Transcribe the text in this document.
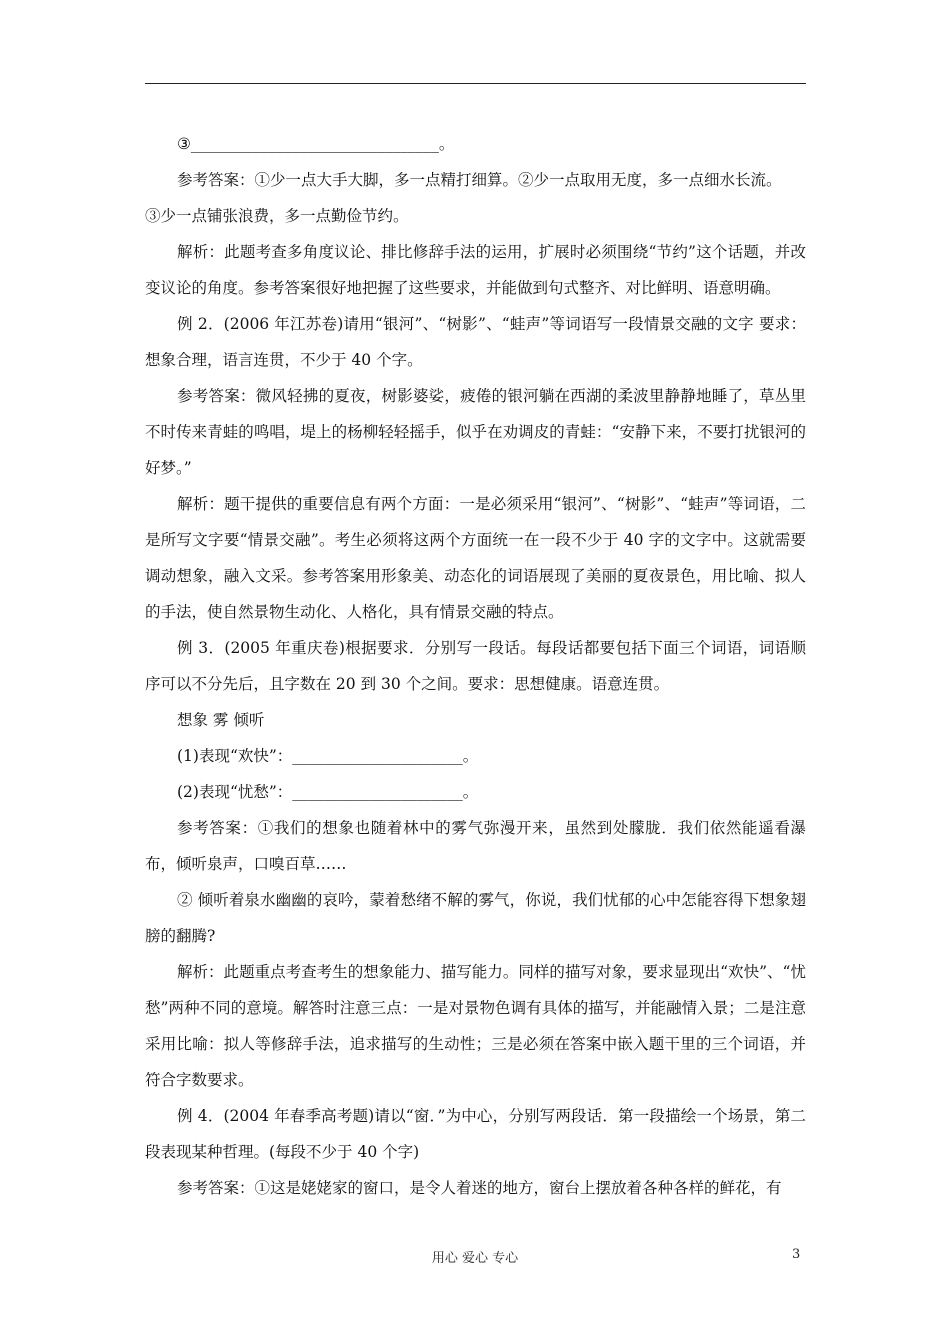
③________________________________。

参考答案：①少一点大手大脚，多一点精打细算。②少一点取用无度，多一点细水长流。

③少一点铺张浪费，多一点勤俭节约。

解析：此题考查多角度议论、排比修辞手法的运用，扩展时必须围绕“节约”这个话题，并改变议论的角度。参考答案很好地把握了这些要求，并能做到句式整齐、对比鲜明、语意明确。

例 2．(2006 年江苏卷)请用“银河”、“树影”、“蛙声”等词语写一段情景交融的文字 要求：想象合理，语言连贯，不少于 40 个字。

参考答案：微风轻拂的夏夜，树影婆娑，疲倦的银河躺在西湖的柔波里静静地睡了，草丛里不时传来青蛙的鸣唱，堤上的杨柳轻轻摇手，似乎在劝调皮的青蛙：“安静下来，不要打扰银河的好梦。”

解析：题干提供的重要信息有两个方面：一是必须采用“银河”、“树影”、“蛙声”等词语，二是所写文字要“情景交融”。考生必须将这两个方面统一在一段不少于 40 字的文字中。这就需要调动想象，融入文采。参考答案用形象美、动态化的词语展现了美丽的夏夜景色，用比喻、拟人的手法，使自然景物生动化、人格化，具有情景交融的特点。

例 3．(2005 年重庆卷)根据要求．分别写一段话。每段话都要包括下面三个词语，词语顺序可以不分先后，且字数在 20 到 30 个之间。要求：思想健康。语意连贯。

想象 雾 倾听

(1)表现“欢快”：______________________。

(2)表现“忧愁”：______________________。

参考答案：①我们的想象也随着林中的雾气弥漫开来，虽然到处朦胧．我们依然能遥看瀑布，倾听泉声，口嗅百草……

② 倾听着泉水幽幽的哀吟，蒙着愁绪不解的雾气，你说，我们忧郁的心中怎能容得下想象翅膀的翻腾?

解析：此题重点考查考生的想象能力、描写能力。同样的描写对象，要求显现出“欢快”、“忧愁”两种不同的意境。解答时注意三点：一是对景物色调有具体的描写，并能融情入景；二是注意采用比喻：拟人等修辞手法，追求描写的生动性；三是必须在答案中嵌入题干里的三个词语，并符合字数要求。

例 4．(2004 年春季高考题)请以“窗．”为中心，分别写两段话．第一段描绘一个场景，第二段表现某种哲理。(每段不少于 40 个字)

参考答案：①这是姥姥家的窗口，是令人着迷的地方，窗台上摆放着各种各样的鲜花，有

用心 爱心 专心	3
